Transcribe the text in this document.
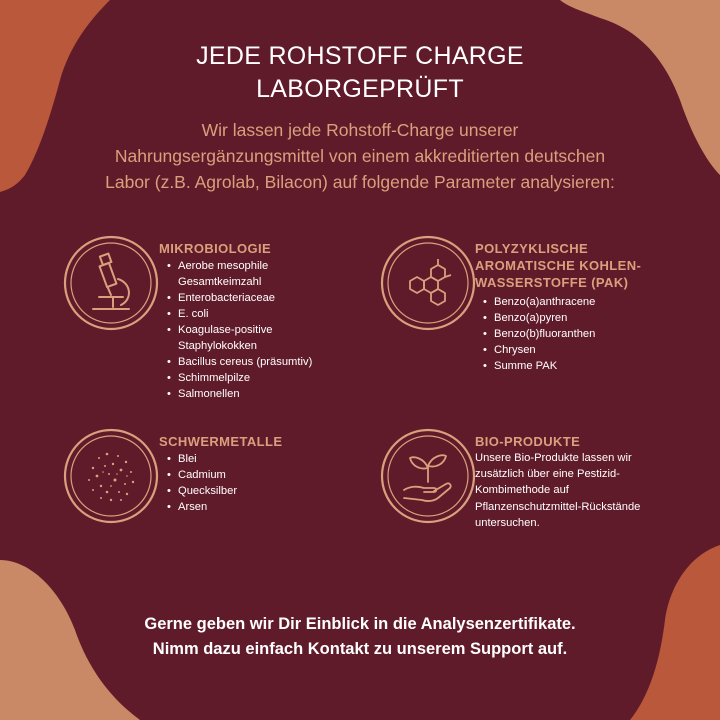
JEDE ROHSTOFF CHARGE
LABORGEPRÜFT
Wir lassen jede Rohstoff-Charge unserer
Nahrungsergänzungsmittel von einem akkreditierten deutschen
Labor (z.B. Agrolab, Bilacon) auf folgende Parameter analysieren:
MIKROBIOLOGIE
• Aerobe mesophile Gesamtkeimzahl
• Enterobacteriaceae
• E. coli
• Koagulase-positive Staphylokokken
• Bacillus cereus (präsumtiv)
• Schimmelpilze
• Salmonellen
POLYZYKLISCHE
AROMATISCHE KOHLEN-
WASSERSTOFFE (PAK)
• Benzo(a)anthracene
• Benzo(a)pyren
• Benzo(b)fluoranthen
• Chrysen
• Summe PAK
SCHWERMETALLE
• Blei
• Cadmium
• Quecksilber
• Arsen
BIO-PRODUKTE
Unsere Bio-Produkte lassen wir
zusätzlich über eine Pestizid-
Kombimethode auf
Pflanzenschutzmittel-Rückstände
untersuchen.
Gerne geben wir Dir Einblick in die Analysenzertifikate.
Nimm dazu einfach Kontakt zu unserem Support auf.
